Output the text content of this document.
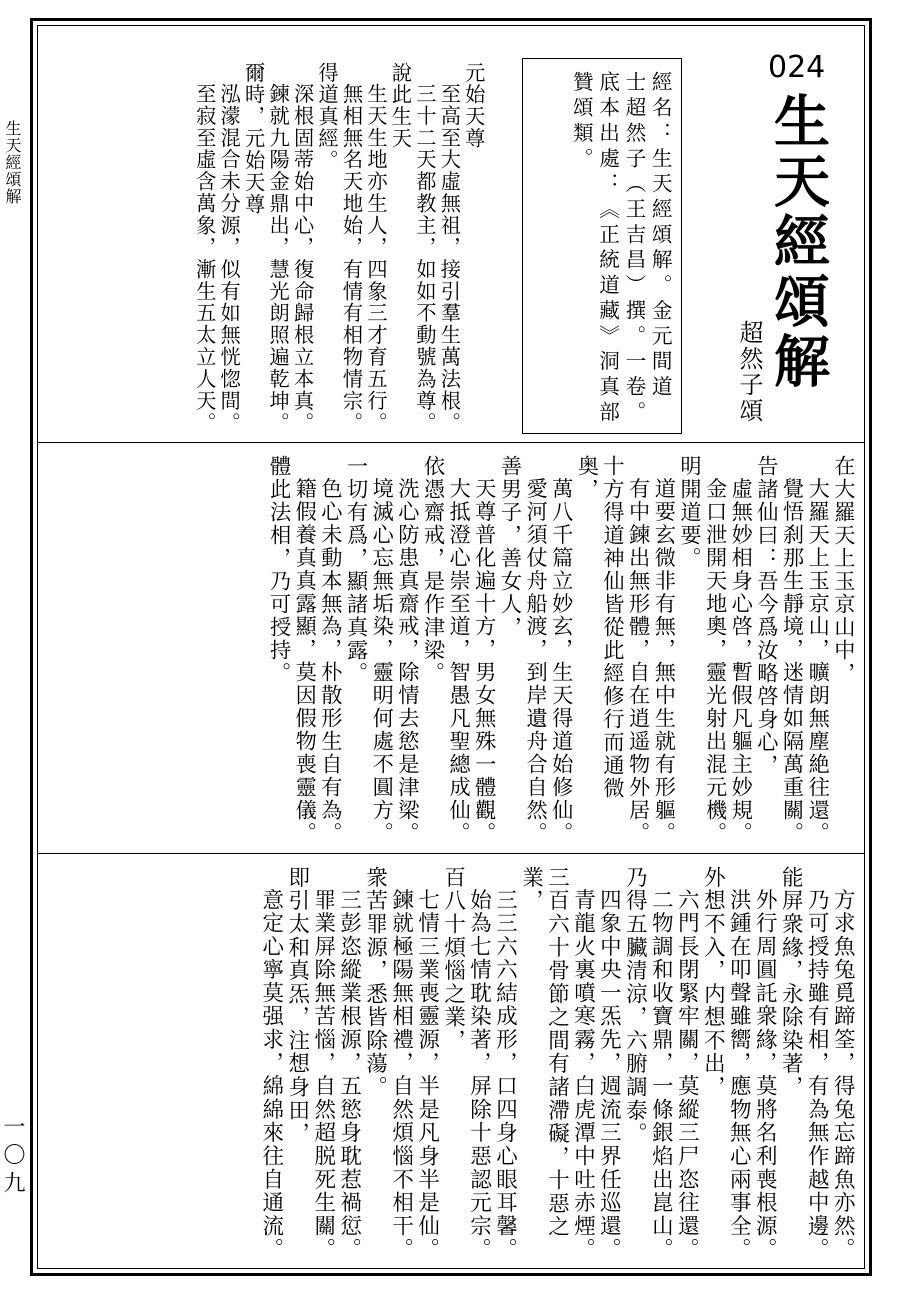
生天經頌解
一〇九
024
生天經頌解
超然子頌
經名：生天經頌解。金元間道
士超然子（王吉昌）撰。一卷。
底本出處：《正統道藏》洞真部
贊頌類。
元始天尊
至高至大虛無祖，接引羣生萬法根。
三十二天都教主，如如不動號為尊。
說此生天
生天生地亦生人，四象三才育五行。
無相無名天地始，有情有相物情宗。
得道真經。
深根固蒂始中心，復命歸根立本真。
鍊就九陽金鼎出，慧光朗照遍乾坤。
爾時，元始天尊
泓濛混合未分源，似有如無恍惚間。
至寂至虛含萬象，漸生五太立人天。
在大羅天上玉京山中，
大羅天上玉京山，曠朗無塵絶往還。
覺悟刹那生靜境，迷情如隔萬重關。
告諸仙曰：吾今爲汝略啓身心，
虛無妙相身心啓，暫假凡軀主妙規。
金口泄開天地奧，靈光射出混元機。
明開道要。
道要玄微非有無，無中生就有形軀。
有中鍊出無形體，自在逍遥物外居。
十方得道神仙皆從此經修行而通微
奥，
萬八千篇立妙玄，生天得道始修仙。
愛河須仗舟船渡，到岸遺舟合自然。
善男子，善女人，
天尊普化遍十方，男女無殊一體觀。
大抵澄心崇至道，智愚凡聖總成仙。
依憑齋戒，是作津梁。
洗心防患真齋戒，除情去慾是津梁。
境滅心忘無垢染，靈明何處不圓方。
一切有爲，顯諸真露。
色心未動本無為，朴散形生自有為。
籍假養真真露顯，莫因假物喪靈儀。
體此法相，乃可授持。
方求魚兔覓蹄筌，得兔忘蹄魚亦然。
乃可授持雖有相，有為無作越中邊。
能屏衆緣，永除染著，
外行周圓託衆緣，莫將名利喪根源。
洪鍾在叩聲雖嚮，應物無心兩事全。
外想不入，内想不出，
六門長閉緊牢關，莫縱三尸恣往還。
二物調和收寶鼎，一條銀焰出崑山。
乃得五臟清涼，六腑調泰。
四象中央一炁先，週流三界任巡還。
青龍火裏噴寒霧，白虎潭中吐赤煙。
三百六十骨節之間有諸滯礙，十惡之
業，
三三六六結成形，口四身心眼耳馨。
始為七情耽染著，屏除十惡認元宗。
百八十煩惱之業，
七情三業喪靈源，半是凡身半是仙。
鍊就極陽無相禮，自然煩惱不相干。
衆苦罪源，悉皆除蕩。
三彭恣縱業根源，五慾身耽惹禍愆。
罪業屏除無苦惱，自然超脱死生關。
即引太和真炁，注想身田，
意定心寧莫强求，綿綿來往自通流。
